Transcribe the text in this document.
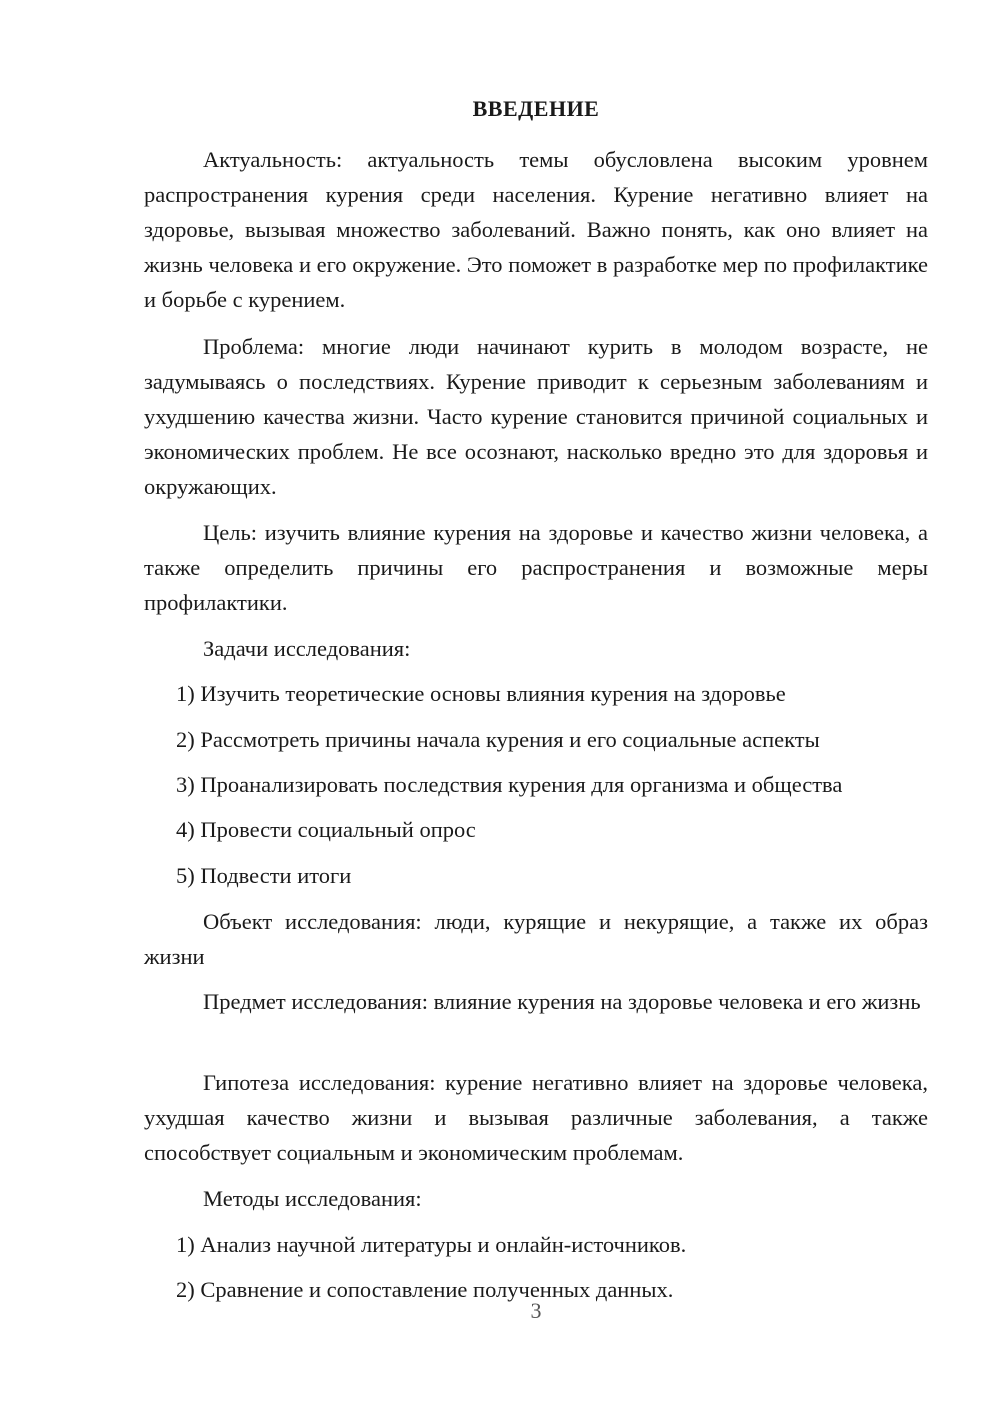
ВВЕДЕНИЕ
Актуальность: актуальность темы обусловлена высоким уровнем распространения курения среди населения. Курение негативно влияет на здоровье, вызывая множество заболеваний. Важно понять, как оно влияет на жизнь человека и его окружение. Это поможет в разработке мер по профилактике и борьбе с курением.
Проблема: многие люди начинают курить в молодом возрасте, не задумываясь о последствиях. Курение приводит к серьезным заболеваниям и ухудшению качества жизни. Часто курение становится причиной социальных и экономических проблем. Не все осознают, насколько вредно это для здоровья и окружающих.
Цель: изучить влияние курения на здоровье и качество жизни человека, а также определить причины его распространения и возможные меры профилактики.
Задачи исследования:
1) Изучить теоретические основы влияния курения на здоровье
2) Рассмотреть причины начала курения и его социальные аспекты
3) Проанализировать последствия курения для организма и общества
4) Провести социальный опрос
5) Подвести итоги
Объект исследования: люди, курящие и некурящие, а также их образ жизни
Предмет исследования: влияние курения на здоровье человека и его жизнь
Гипотеза исследования: курение негативно влияет на здоровье человека, ухудшая качество жизни и вызывая различные заболевания, а также способствует социальным и экономическим проблемам.
Методы исследования:
1) Анализ научной литературы и онлайн-источников.
2) Сравнение и сопоставление полученных данных.
3
